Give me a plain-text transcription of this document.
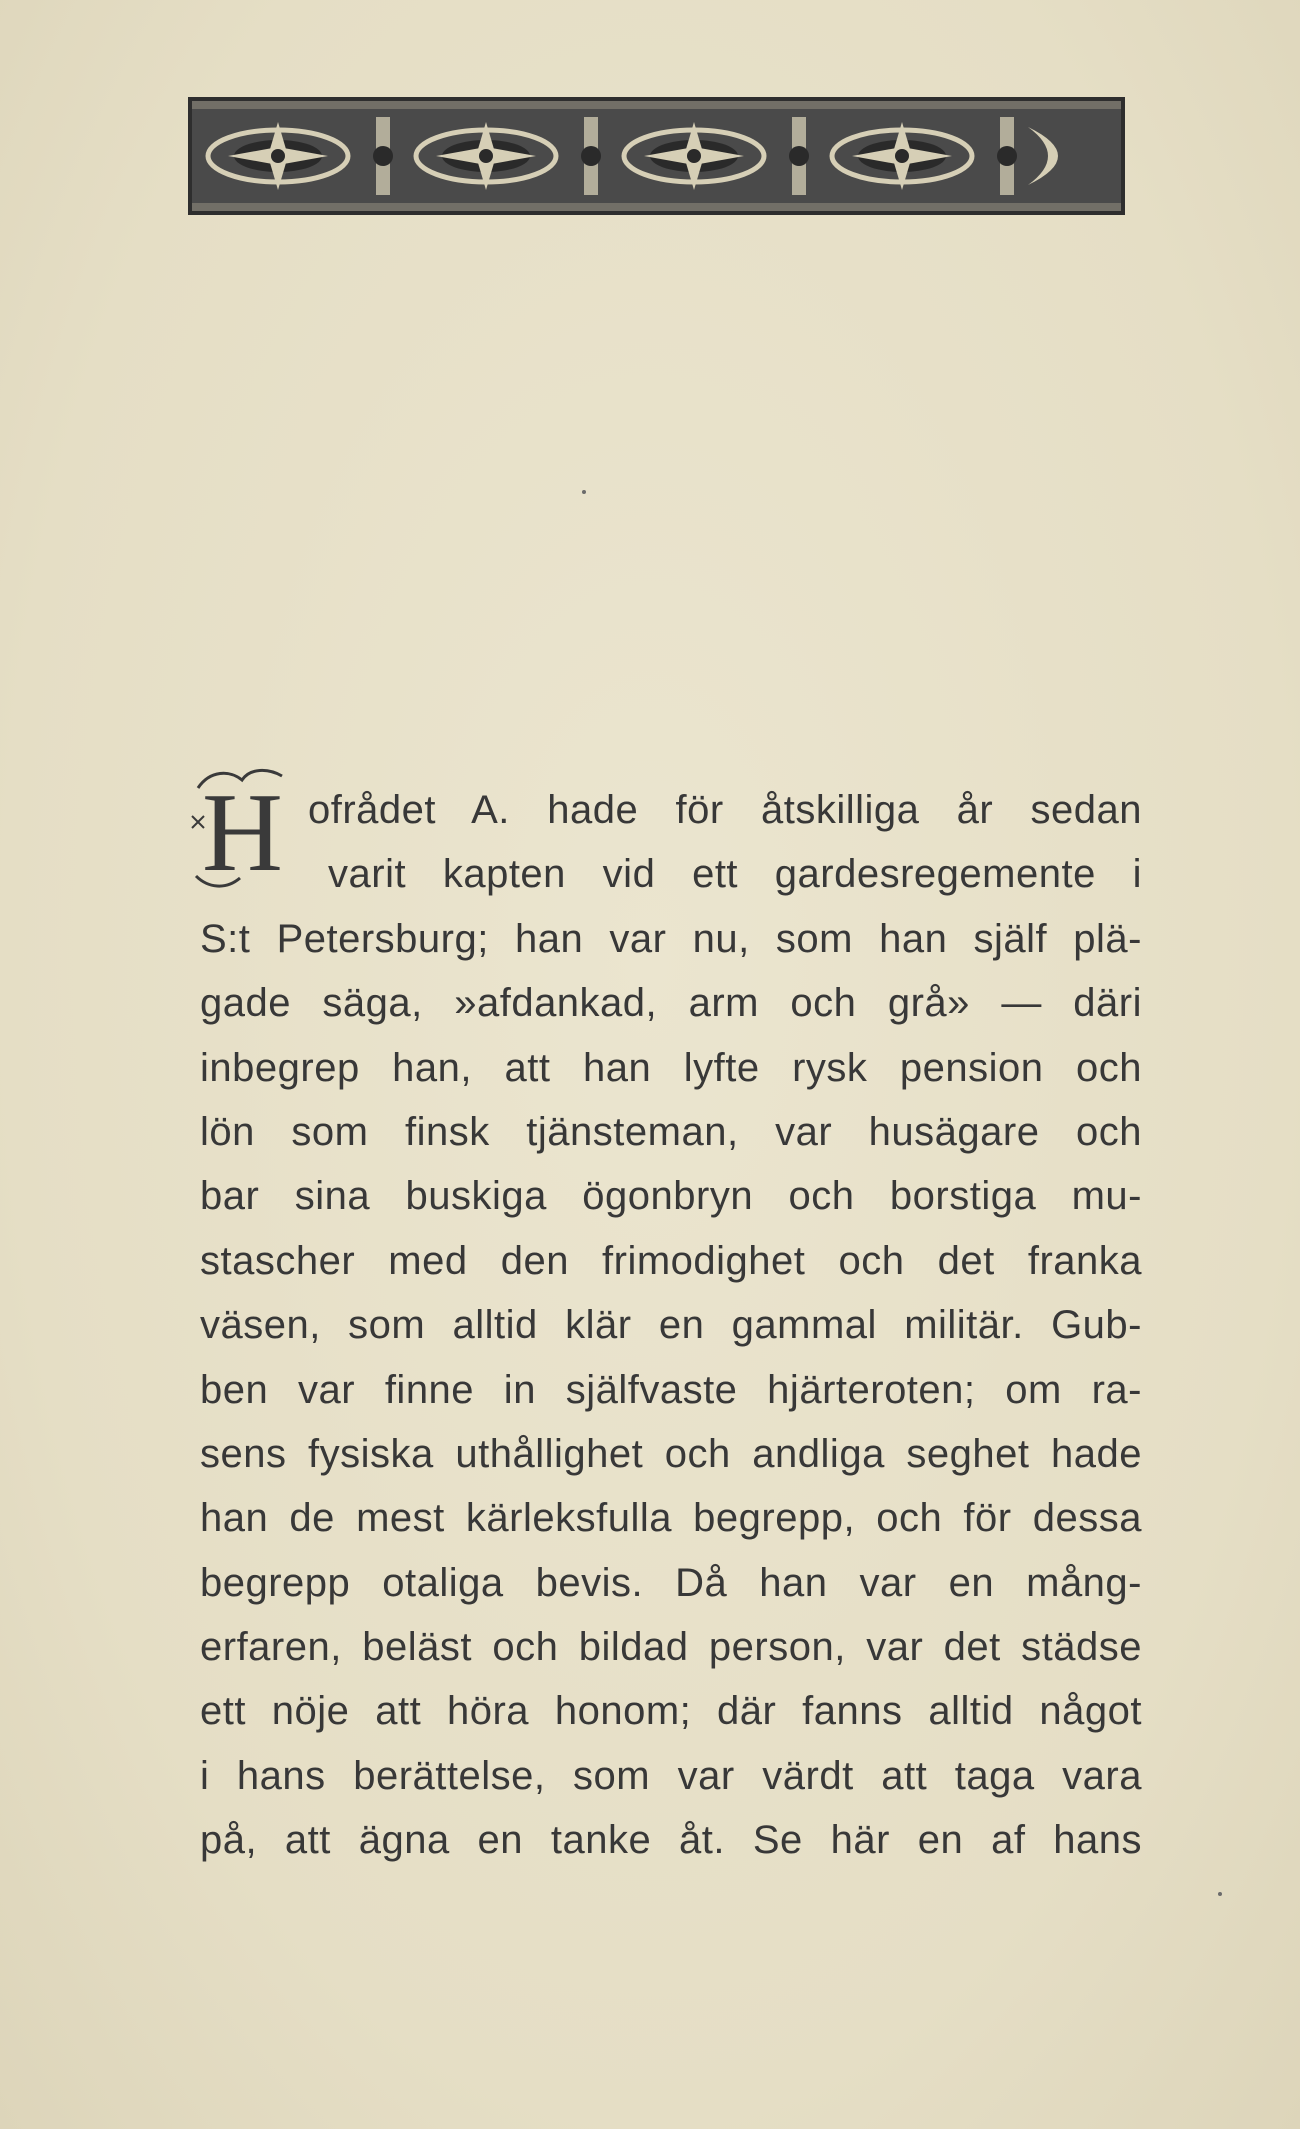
H ofrådet A. hade för åtskilliga år sedan
varit kapten vid ett gardesregemente i
S:t Petersburg; han var nu, som han själf plä-
gade säga, »afdankad, arm och grå» — däri
inbegrep han, att han lyfte rysk pension och
lön som finsk tjänsteman, var husägare och
bar sina buskiga ögonbryn och borstiga mu-
stascher med den frimodighet och det franka
väsen, som alltid klär en gammal militär. Gub-
ben var finne in själfvaste hjärteroten; om ra-
sens fysiska uthållighet och andliga seghet hade
han de mest kärleksfulla begrepp, och för dessa
begrepp otaliga bevis. Då han var en mång-
erfaren, beläst och bildad person, var det städse
ett nöje att höra honom; där fanns alltid något
i hans berättelse, som var värdt att taga vara
på, att ägna en tanke åt. Se här en af hans
